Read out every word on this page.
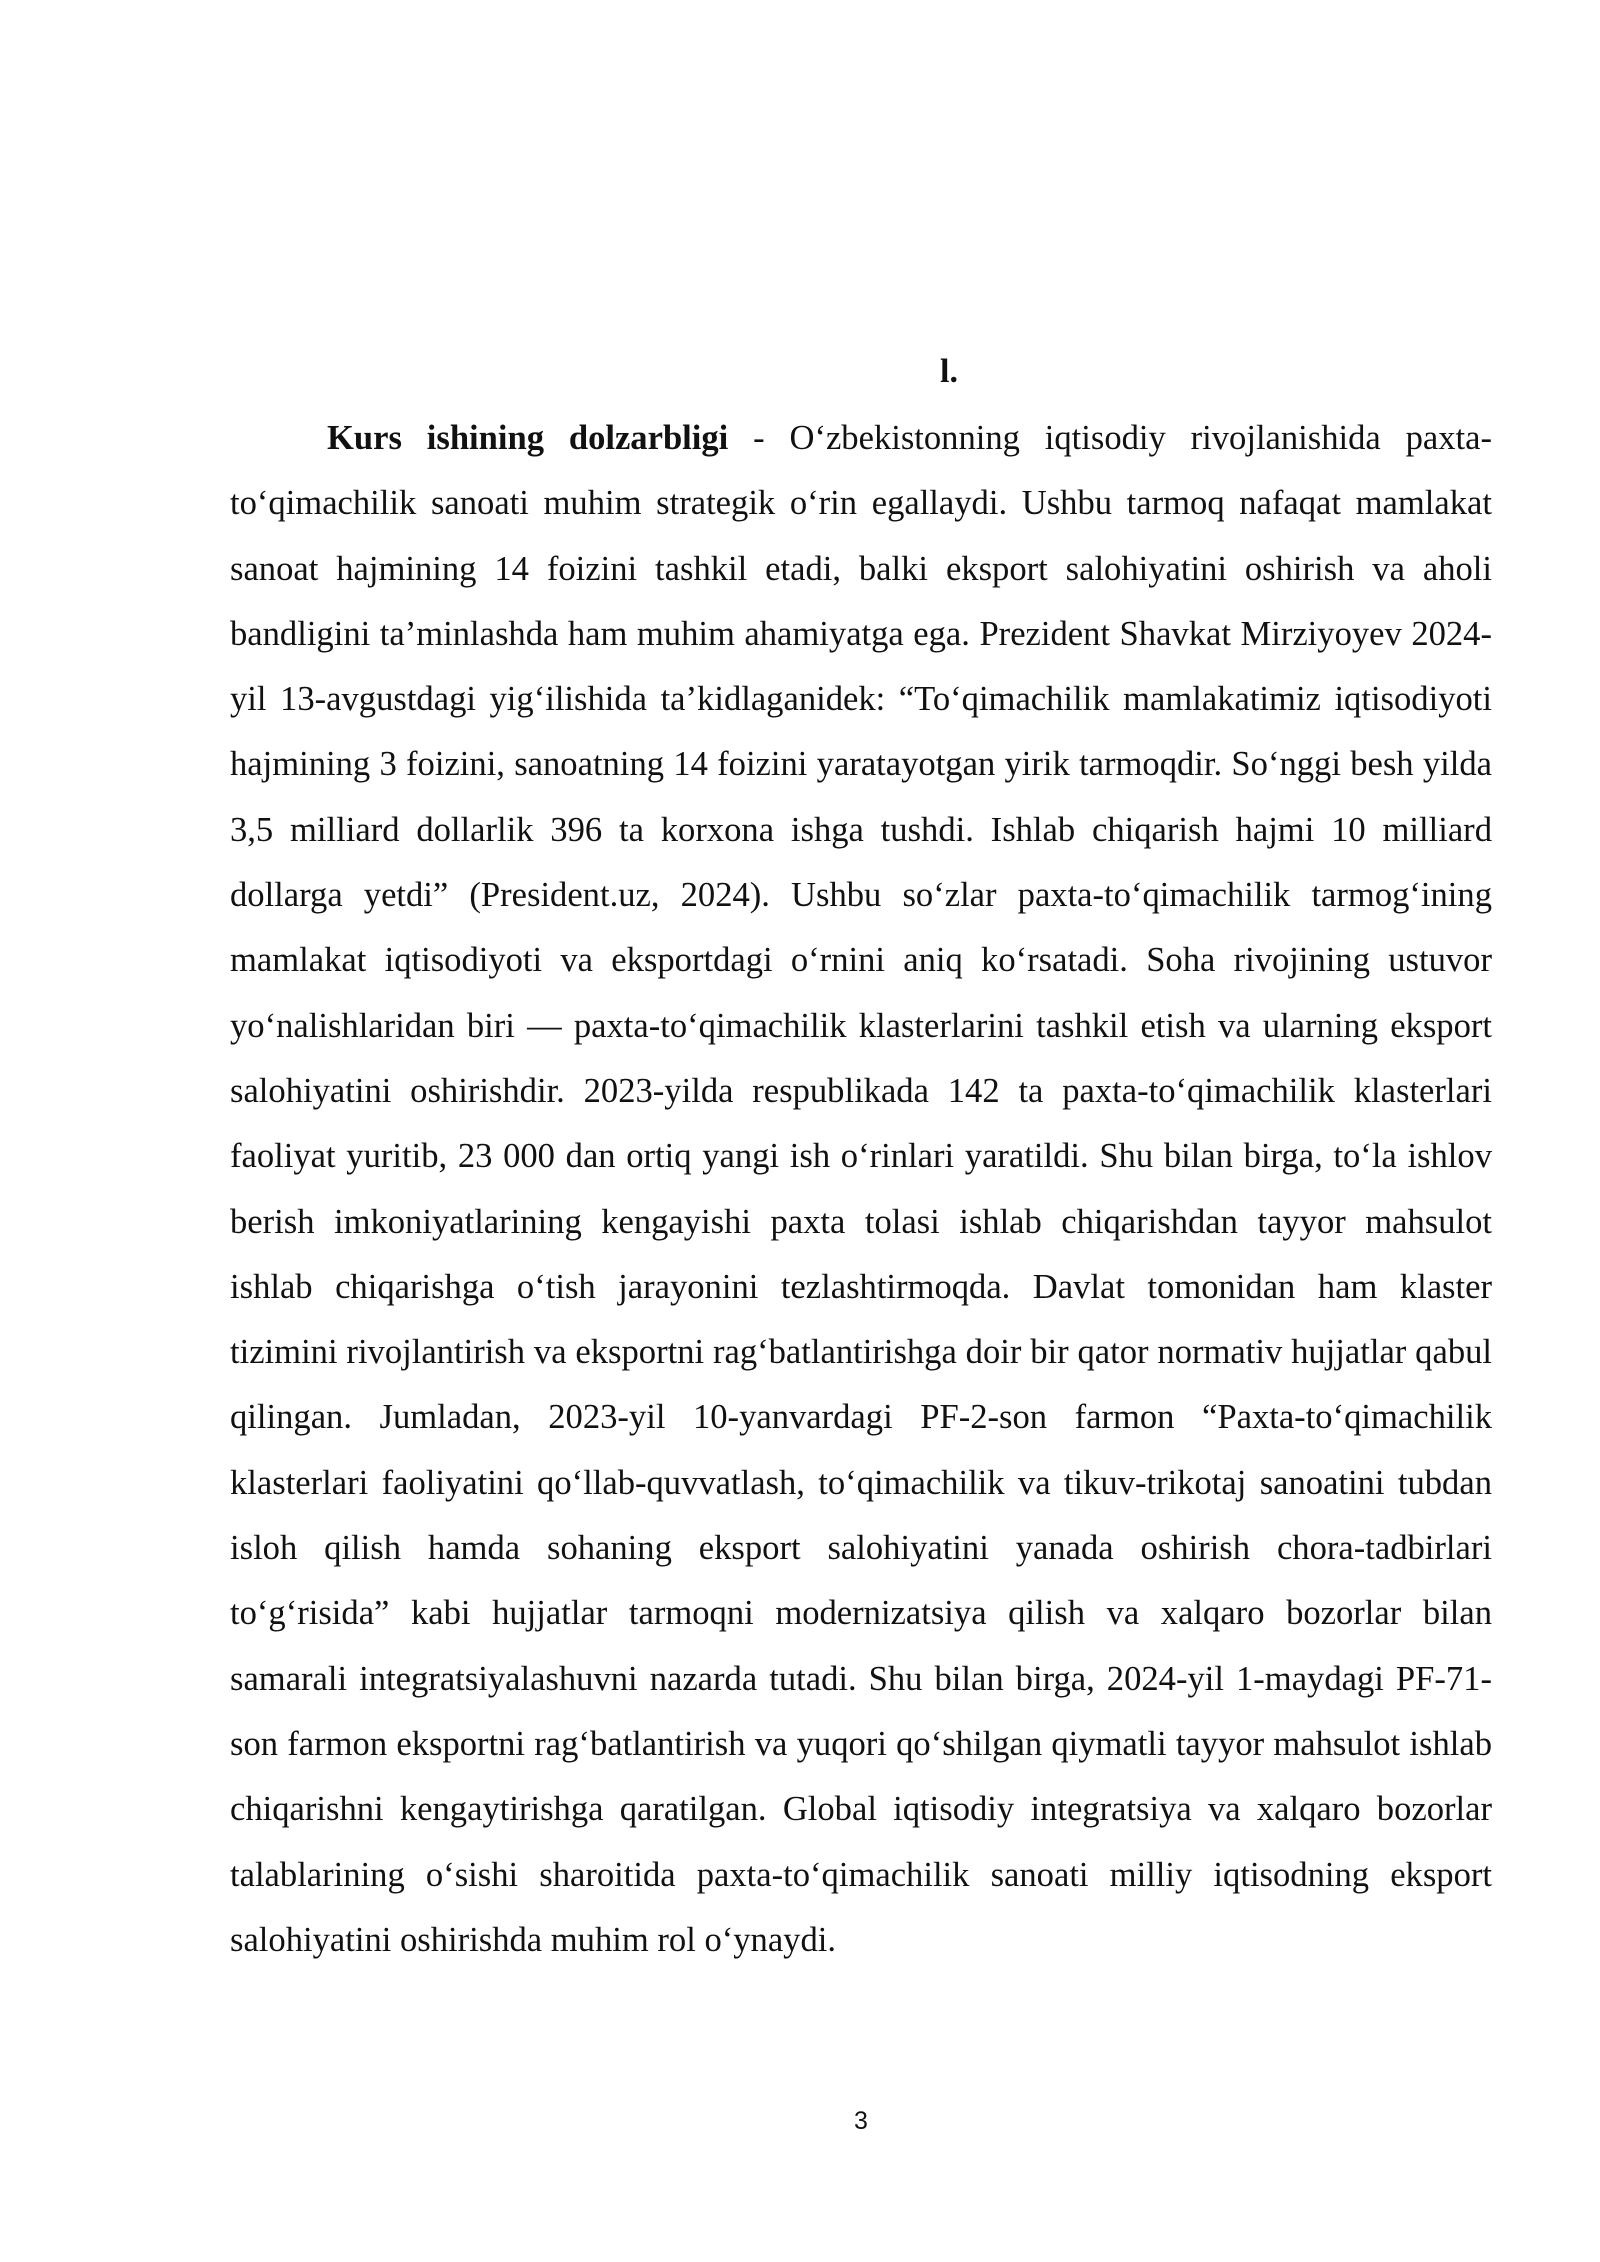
l.

Kurs ishining dolzarbligi - O‘zbekistonning iqtisodiy rivojlanishida paxta-to‘qimachilik sanoati muhim strategik o‘rin egallaydi. Ushbu tarmoq nafaqat mamlakat sanoat hajmining 14 foizini tashkil etadi, balki eksport salohiyatini oshirish va aholi bandligini ta’minlashda ham muhim ahamiyatga ega. Prezident Shavkat Mirziyoyev 2024-yil 13-avgustdagi yig‘ilishida ta’kidlaganidek: “To‘qimachilik mamlakatimiz iqtisodiyoti hajmining 3 foizini, sanoatning 14 foizini yaratayotgan yirik tarmoqdir. So‘nggi besh yilda 3,5 milliard dollarlik 396 ta korxona ishga tushdi. Ishlab chiqarish hajmi 10 milliard dollarga yetdi” (President.uz, 2024). Ushbu so‘zlar paxta-to‘qimachilik tarmog‘ining mamlakat iqtisodiyoti va eksportdagi o‘rnini aniq ko‘rsatadi. Soha rivojining ustuvor yo‘nalishlaridan biri — paxta-to‘qimachilik klasterlarini tashkil etish va ularning eksport salohiyatini oshirishdir. 2023-yilda respublikada 142 ta paxta-to‘qimachilik klasterlari faoliyat yuritib, 23 000 dan ortiq yangi ish o‘rinlari yaratildi. Shu bilan birga, to‘la ishlov berish imkoniyatlarining kengayishi paxta tolasi ishlab chiqarishdan tayyor mahsulot ishlab chiqarishga o‘tish jarayonini tezlashtirmoqda. Davlat tomonidan ham klaster tizimini rivojlantirish va eksportni rag‘batlantirishga doir bir qator normativ hujjatlar qabul qilingan. Jumladan, 2023-yil 10-yanvardagi PF-2-son farmon “Paxta-to‘qimachilik klasterlari faoliyatini qo‘llab-quvvatlash, to‘qimachilik va tikuv-trikotaj sanoatini tubdan isloh qilish hamda sohaning eksport salohiyatini yanada oshirish chora-tadbirlari to‘g‘risida” kabi hujjatlar tarmoqni modernizatsiya qilish va xalqaro bozorlar bilan samarali integratsiyalashuvni nazarda tutadi. Shu bilan birga, 2024-yil 1-maydagi PF-71-son farmon eksportni rag‘batlantirish va yuqori qo‘shilgan qiymatli tayyor mahsulot ishlab chiqarishni kengaytirishga qaratilgan. Global iqtisodiy integratsiya va xalqaro bozorlar talablarining o‘sishi sharoitida paxta-to‘qimachilik sanoati milliy iqtisodning eksport salohiyatini oshirishda muhim rol o‘ynaydi.

3
